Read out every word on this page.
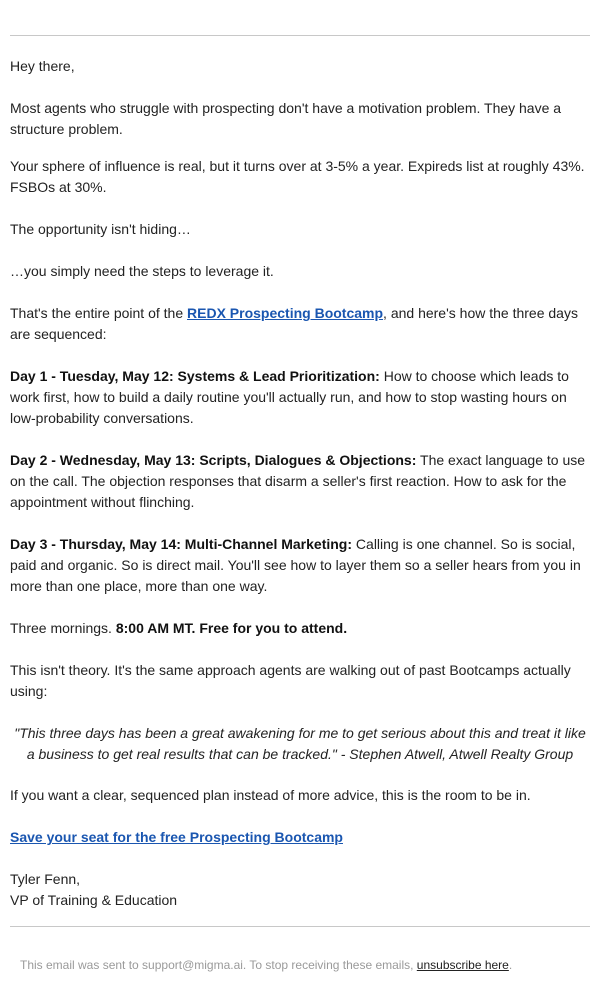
Hey there,

Most agents who struggle with prospecting don't have a motivation problem. They have a structure problem.

Your sphere of influence is real, but it turns over at 3-5% a year. Expireds list at roughly 43%. FSBOs at 30%.

The opportunity isn't hiding…

…you simply need the steps to leverage it.

That's the entire point of the REDX Prospecting Bootcamp, and here's how the three days are sequenced:

Day 1 - Tuesday, May 12: Systems & Lead Prioritization: How to choose which leads to work first, how to build a daily routine you'll actually run, and how to stop wasting hours on low-probability conversations.

Day 2 - Wednesday, May 13: Scripts, Dialogues & Objections: The exact language to use on the call. The objection responses that disarm a seller's first reaction. How to ask for the appointment without flinching.

Day 3 - Thursday, May 14: Multi-Channel Marketing: Calling is one channel. So is social, paid and organic. So is direct mail. You'll see how to layer them so a seller hears from you in more than one place, more than one way.

Three mornings. 8:00 AM MT. Free for you to attend.

This isn't theory. It's the same approach agents are walking out of past Bootcamps actually using:

"This three days has been a great awakening for me to get serious about this and treat it like a business to get real results that can be tracked." - Stephen Atwell, Atwell Realty Group

If you want a clear, sequenced plan instead of more advice, this is the room to be in.

Save your seat for the free Prospecting Bootcamp

Tyler Fenn,
VP of Training & Education

This email was sent to support@migma.ai. To stop receiving these emails, unsubscribe here.
